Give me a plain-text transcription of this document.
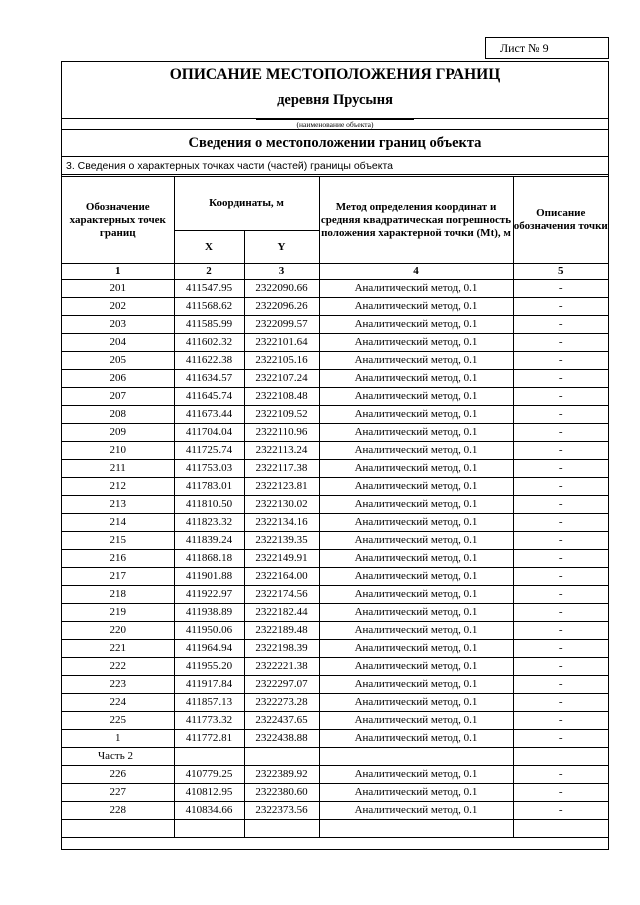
Лист № 9
ОПИСАНИЕ МЕСТОПОЛОЖЕНИЯ ГРАНИЦ
деревня Прусыня
(наименование объекта)
Сведения о местоположении границ объекта
3. Сведения о характерных точках части (частей) границы объекта
Обозначение характерных точек границ	Координаты, м		Метод определения координат и средняя квадратическая погрешность положения характерной точки (Mt), м	Описание обозначения точки
	X	Y		
1	2	3	4	5
201	411547.95	2322090.66	Аналитический метод, 0.1	-
202	411568.62	2322096.26	Аналитический метод, 0.1	-
203	411585.99	2322099.57	Аналитический метод, 0.1	-
204	411602.32	2322101.64	Аналитический метод, 0.1	-
205	411622.38	2322105.16	Аналитический метод, 0.1	-
206	411634.57	2322107.24	Аналитический метод, 0.1	-
207	411645.74	2322108.48	Аналитический метод, 0.1	-
208	411673.44	2322109.52	Аналитический метод, 0.1	-
209	411704.04	2322110.96	Аналитический метод, 0.1	-
210	411725.74	2322113.24	Аналитический метод, 0.1	-
211	411753.03	2322117.38	Аналитический метод, 0.1	-
212	411783.01	2322123.81	Аналитический метод, 0.1	-
213	411810.50	2322130.02	Аналитический метод, 0.1	-
214	411823.32	2322134.16	Аналитический метод, 0.1	-
215	411839.24	2322139.35	Аналитический метод, 0.1	-
216	411868.18	2322149.91	Аналитический метод, 0.1	-
217	411901.88	2322164.00	Аналитический метод, 0.1	-
218	411922.97	2322174.56	Аналитический метод, 0.1	-
219	411938.89	2322182.44	Аналитический метод, 0.1	-
220	411950.06	2322189.48	Аналитический метод, 0.1	-
221	411964.94	2322198.39	Аналитический метод, 0.1	-
222	411955.20	2322221.38	Аналитический метод, 0.1	-
223	411917.84	2322297.07	Аналитический метод, 0.1	-
224	411857.13	2322273.28	Аналитический метод, 0.1	-
225	411773.32	2322437.65	Аналитический метод, 0.1	-
1	411772.81	2322438.88	Аналитический метод, 0.1	-
Часть 2				
226	410779.25	2322389.92	Аналитический метод, 0.1	-
227	410812.95	2322380.60	Аналитический метод, 0.1	-
228	410834.66	2322373.56	Аналитический метод, 0.1	-
